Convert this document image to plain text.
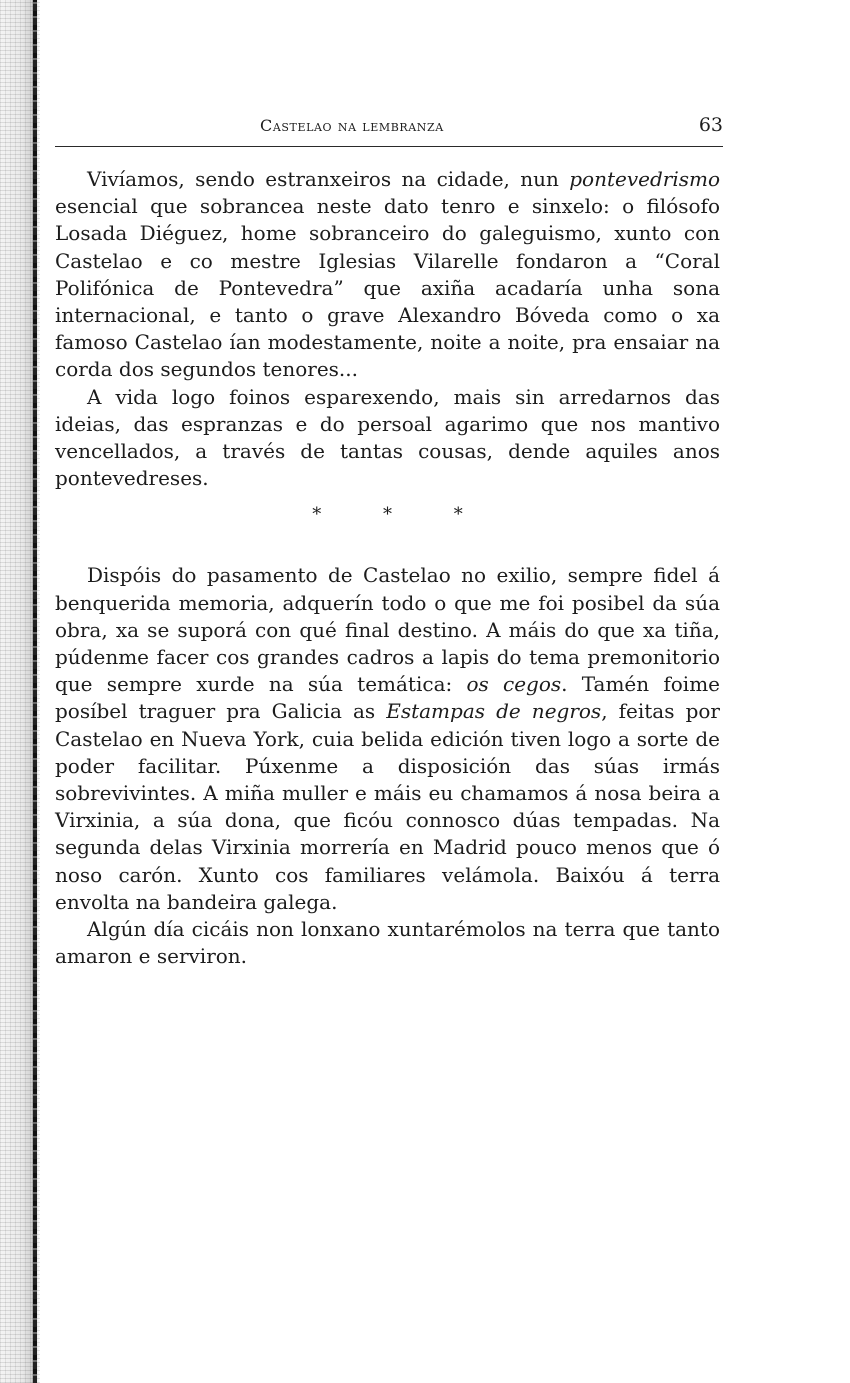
Castelao na lembranza	63

Vivíamos, sendo estranxeiros na cidade, nun pontevedrismo esencial que sobrancea neste dato tenro e sinxelo: o filósofo Losada Diéguez, home sobranceiro do galeguismo, xunto con Castelao e co mestre Iglesias Vilarelle fondaron a “Coral Polifónica de Pontevedra” que axiña acadaría unha sona internacional, e tanto o grave Alexandro Bóveda como o xa famoso Castelao ían modestamente, noite a noite, pra ensaiar na corda dos segundos tenores...

A vida logo foinos esparexendo, mais sin arredarnos das ideias, das espranzas e do persoal agarimo que nos mantivo vencellados, a través de tantas cousas, dende aquiles anos pontevedreses.

* * *

Dispóis do pasamento de Castelao no exilio, sempre fidel á benquerida memoria, adquerín todo o que me foi posibel da súa obra, xa se suporá con qué final destino. A máis do que xa tiña, púdenme facer cos grandes cadros a lapis do tema premonitorio que sempre xurde na súa temática: os cegos. Tamén foime posíbel traguer pra Galicia as Estampas de negros, feitas por Castelao en Nueva York, cuia belida edición tiven logo a sorte de poder facilitar. Púxenme a disposición das súas irmás sobrevivintes. A miña muller e máis eu chamamos á nosa beira a Virxinia, a súa dona, que ficóu connosco dúas tempadas. Na segunda delas Virxinia morrería en Madrid pouco menos que ó noso carón. Xunto cos familiares velámola. Baixóu á terra envolta na bandeira galega.

Algún día cicáis non lonxano xuntarémolos na terra que tanto amaron e serviron.
